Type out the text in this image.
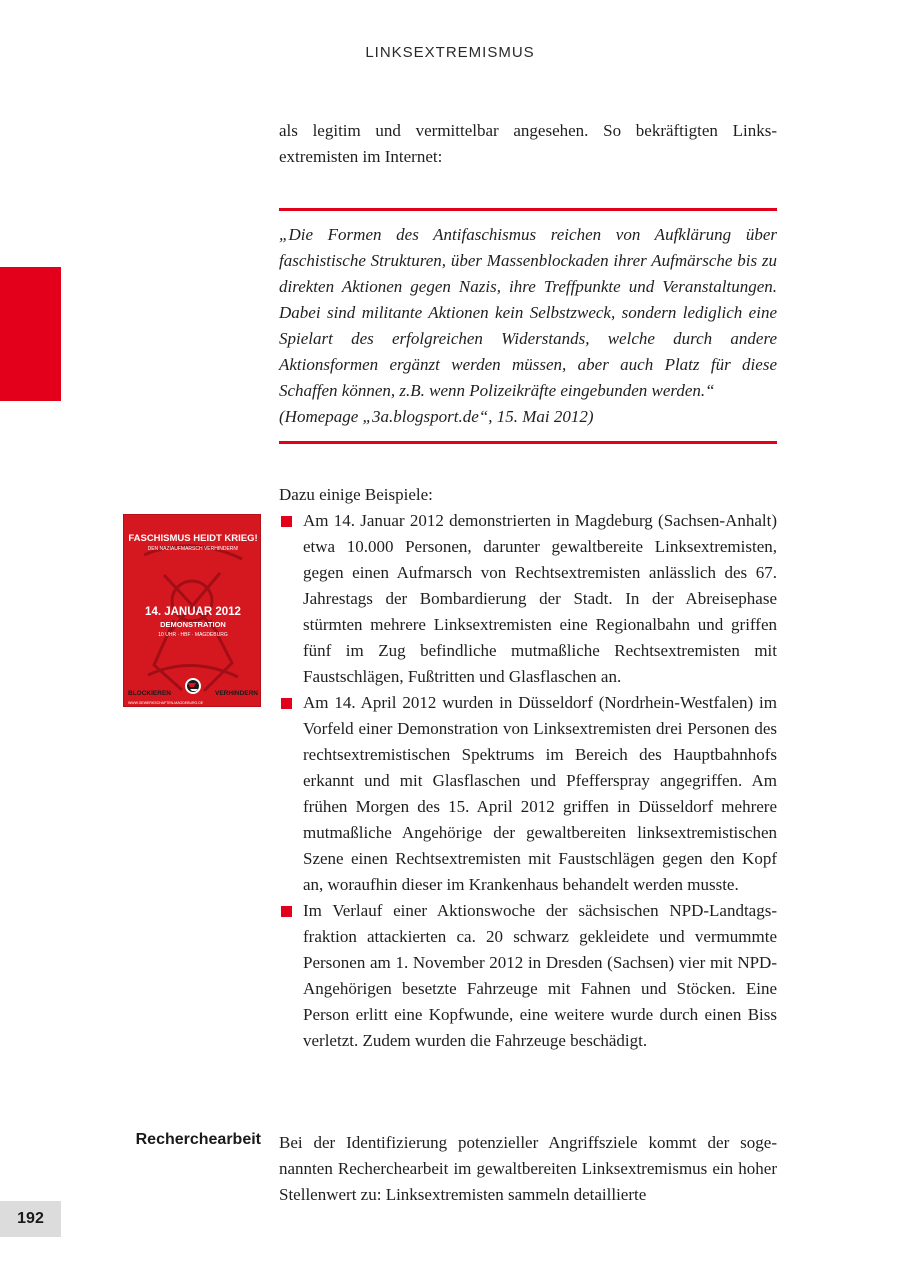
LINKSEXTREMISMUS
als legitim und vermittelbar angesehen. So bekräftigten Linksextremisten im Internet:
„Die Formen des Antifaschismus reichen von Aufklärung über faschistische Strukturen, über Massenblockaden ihrer Aufmärsche bis zu direkten Aktionen gegen Nazis, ihre Treffpunkte und Veranstaltungen. Dabei sind militante Aktionen kein Selbstzweck, sondern lediglich eine Spielart des erfolgreichen Widerstands, welche durch andere Aktionsformen ergänzt werden müssen, aber auch Platz für diese Schaffen können, z.B. wenn Polizeikräfte eingebunden werden.“
(Homepage „3a.blogsport.de“, 15. Mai 2012)
FASCHISMUS HEIDT KRIEG!
DEN NAZIAUFMARSCH VERHINDERN!
14. JANUAR 2012
DEMONSTRATION
10 UHR · HBF · MAGDEBURG
BLOCKIEREN	VERHINDERN
WWW.GEWERKSCHAFTEN-MAGDEBURG.DE
Dazu einige Beispiele:
Am 14. Januar 2012 demonstrierten in Magdeburg (Sachsen-Anhalt) etwa 10.000 Personen, darunter gewaltbereite Linksextremisten, gegen einen Aufmarsch von Rechtsextremisten anlässlich des 67. Jahrestags der Bombardierung der Stadt. In der Abreisephase stürmten mehrere Linksextremisten eine Regionalbahn und griffen fünf im Zug befindliche mutmaßliche Rechtsextremisten mit Faustschlägen, Fußtritten und Glasflaschen an.
Am 14. April 2012 wurden in Düsseldorf (Nordrhein-Westfalen) im Vorfeld einer Demonstration von Linksextremisten drei Personen des rechtsextremistischen Spektrums im Bereich des Hauptbahnhofs erkannt und mit Glasflaschen und Pfefferspray angegriffen. Am frühen Morgen des 15. April 2012 griffen in Düsseldorf mehrere mutmaßliche Angehörige der gewaltbereiten linksextremistischen Szene einen Rechtsextremisten mit Faustschlägen gegen den Kopf an, woraufhin dieser im Krankenhaus behandelt werden musste.
Im Verlauf einer Aktionswoche der sächsischen NPD-Landtagsfraktion attackierten ca. 20 schwarz gekleidete und vermummte Personen am 1. November 2012 in Dresden (Sachsen) vier mit NPD-Angehörigen besetzte Fahrzeuge mit Fahnen und Stöcken. Eine Person erlitt eine Kopfwunde, eine weitere wurde durch einen Biss verletzt. Zudem wurden die Fahrzeuge beschädigt.
Recherchearbeit Bei der Identifizierung potenzieller Angriffsziele kommt der sogenannten Recherchearbeit im gewaltbereiten Linksextremismus ein hoher Stellenwert zu: Linksextremisten sammeln detaillierte
192
